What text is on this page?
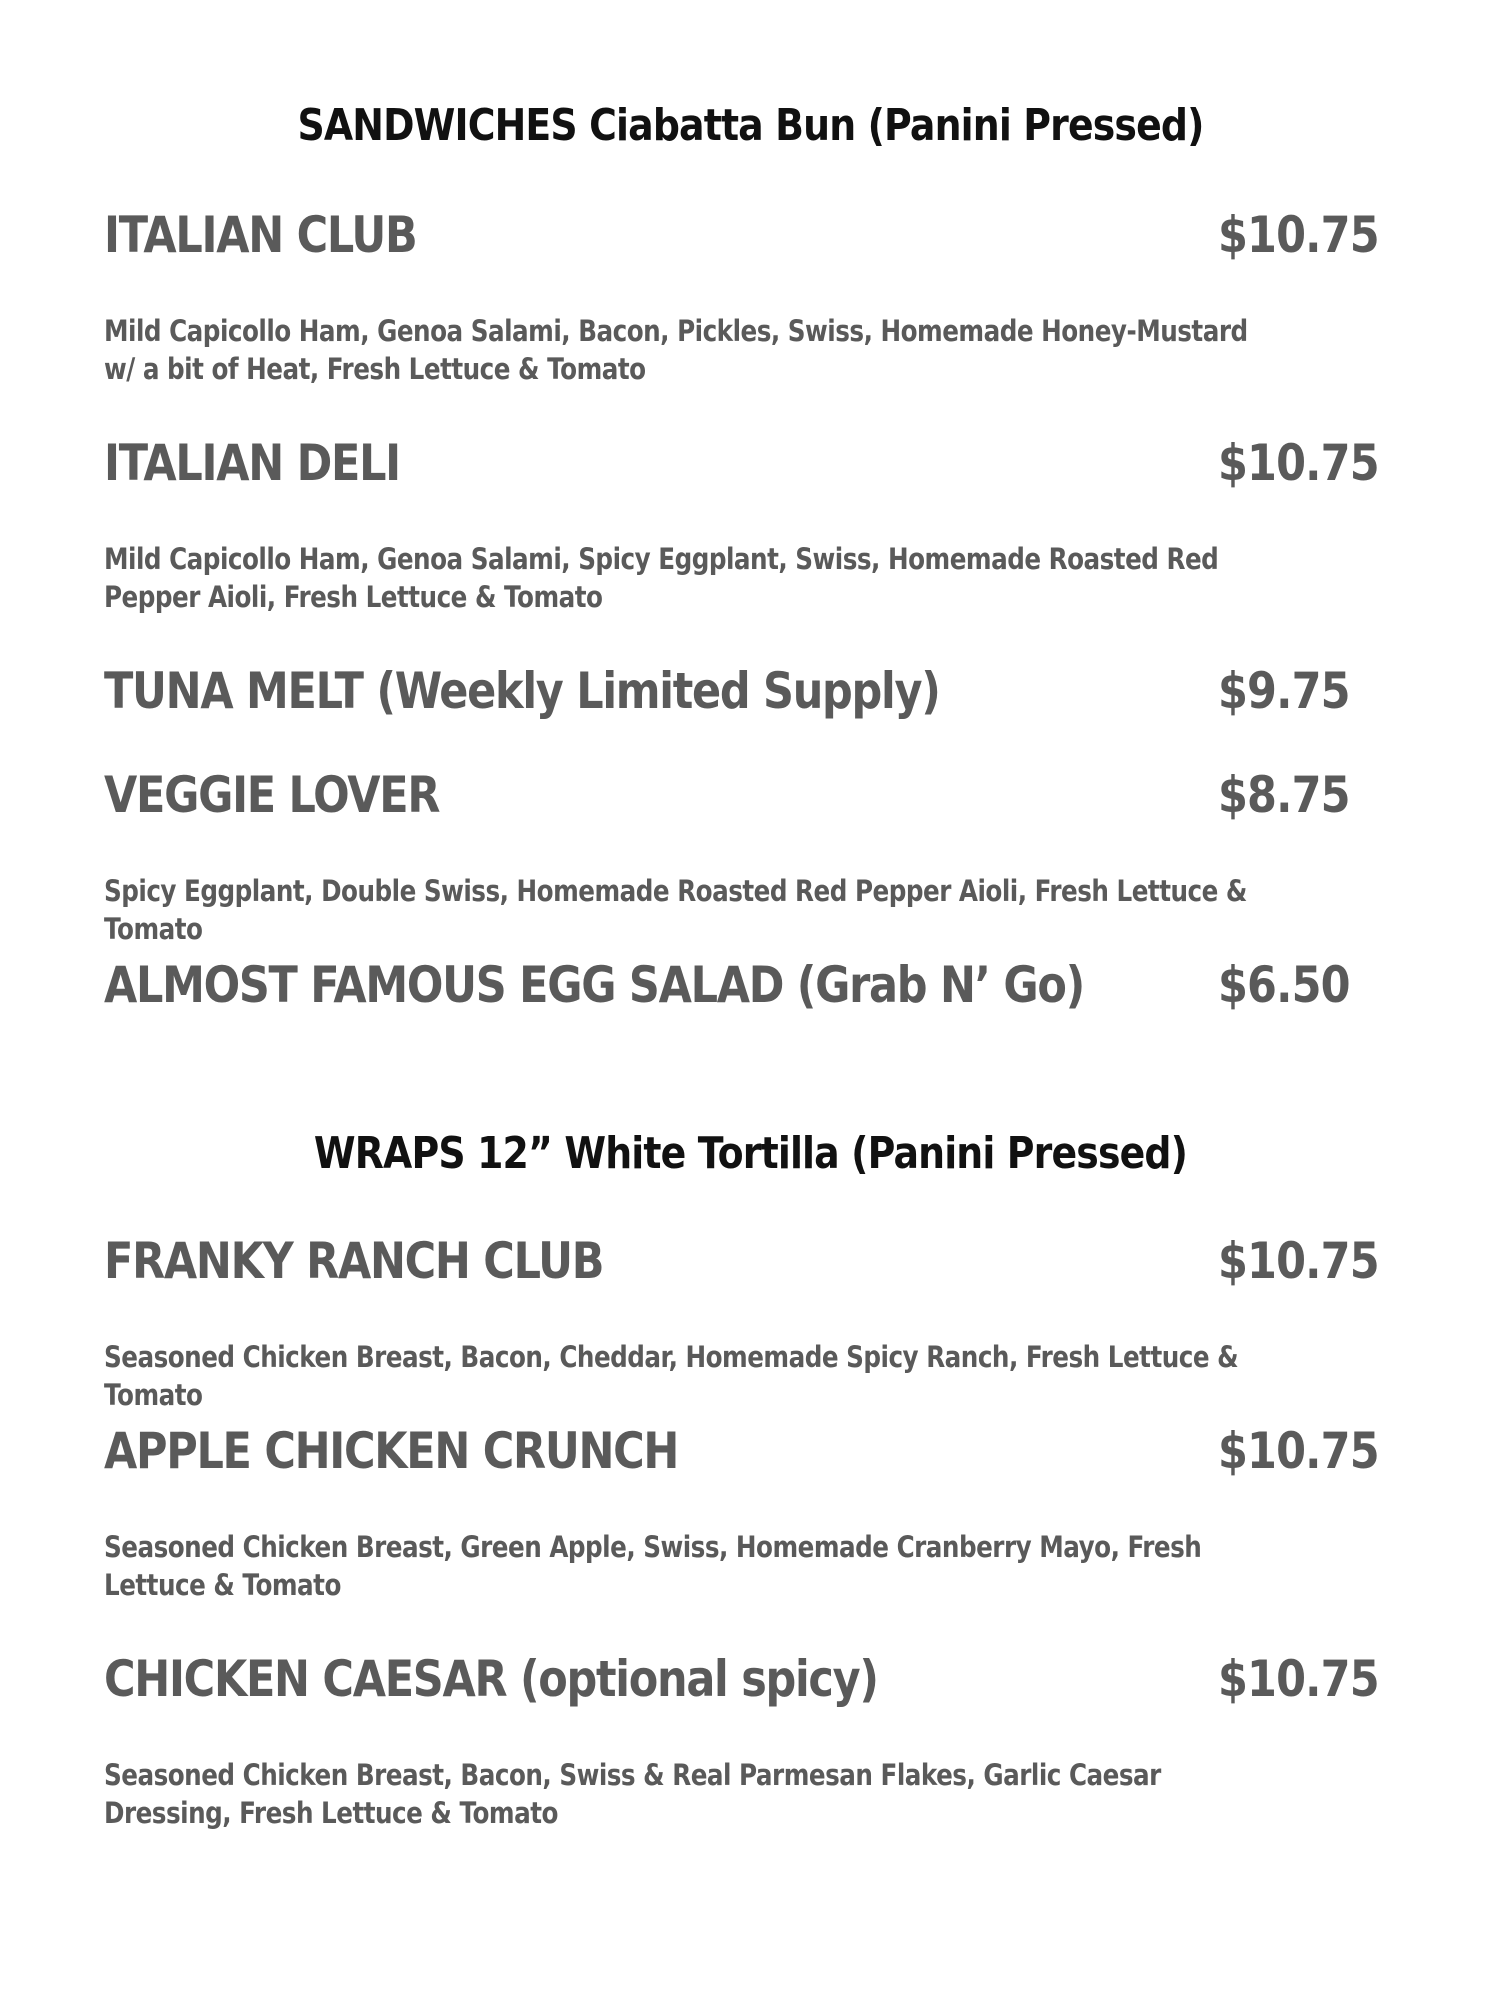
SANDWICHES Ciabatta Bun (Panini Pressed)
ITALIAN CLUB	$10.75
Mild Capicollo Ham, Genoa Salami, Bacon, Pickles, Swiss, Homemade Honey-Mustard w/ a bit of Heat, Fresh Lettuce & Tomato
ITALIAN DELI	$10.75
Mild Capicollo Ham, Genoa Salami, Spicy Eggplant, Swiss, Homemade Roasted Red Pepper Aioli, Fresh Lettuce & Tomato
TUNA MELT (Weekly Limited Supply)	$9.75
VEGGIE LOVER	$8.75
Spicy Eggplant, Double Swiss, Homemade Roasted Red Pepper Aioli, Fresh Lettuce & Tomato
ALMOST FAMOUS EGG SALAD (Grab N’ Go)	$6.50
WRAPS 12” White Tortilla (Panini Pressed)
FRANKY RANCH CLUB	$10.75
Seasoned Chicken Breast, Bacon, Cheddar, Homemade Spicy Ranch, Fresh Lettuce & Tomato
APPLE CHICKEN CRUNCH	$10.75
Seasoned Chicken Breast, Green Apple, Swiss, Homemade Cranberry Mayo, Fresh Lettuce & Tomato
CHICKEN CAESAR (optional spicy)	$10.75
Seasoned Chicken Breast, Bacon, Swiss & Real Parmesan Flakes, Garlic Caesar Dressing, Fresh Lettuce & Tomato
